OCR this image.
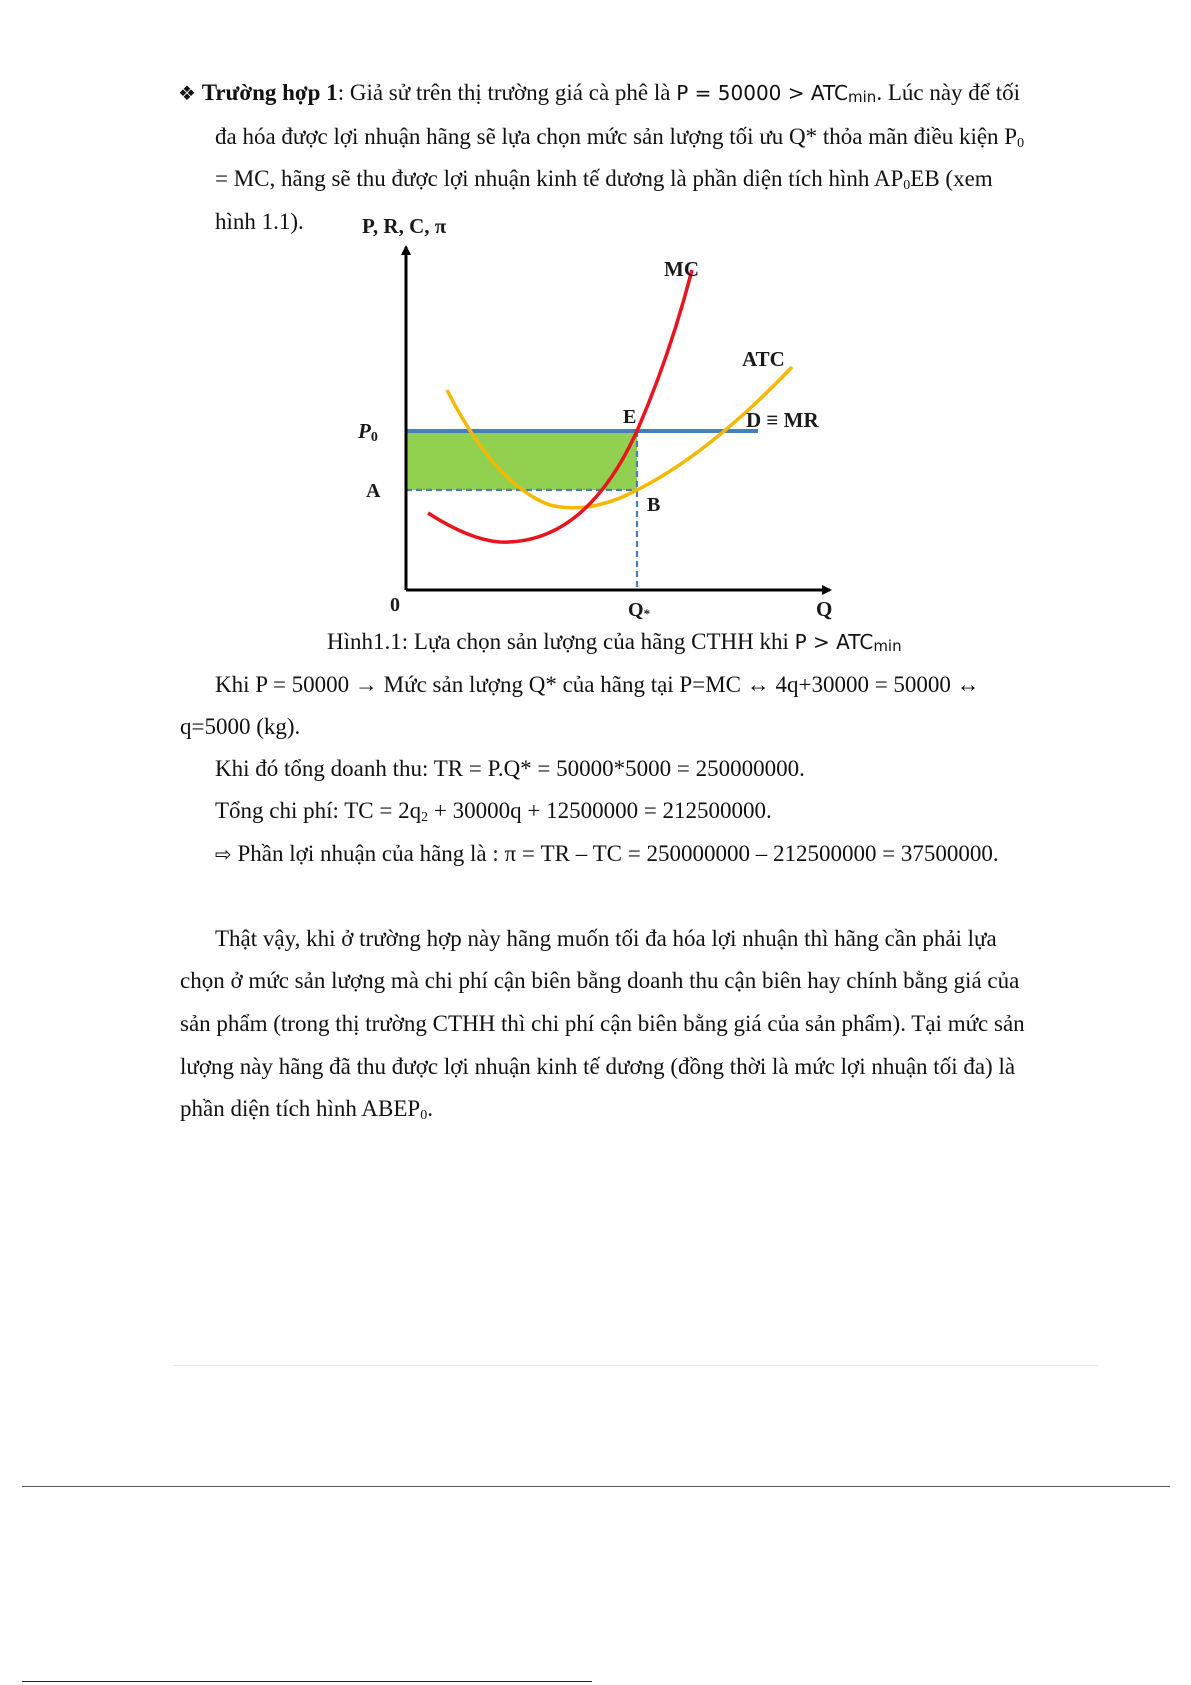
❖ Trường hợp 1: Giả sử trên thị trường giá cà phê là P = 50000 > ATCmin. Lúc này để tối
đa hóa được lợi nhuận hãng sẽ lựa chọn mức sản lượng tối ưu Q* thỏa mãn điều kiện P0
= MC, hãng sẽ thu được lợi nhuận kinh tế dương là phần diện tích hình AP0EB (xem
hình 1.1).	P, R, C, π
Q
0
MC
ATC
D ≡ MR
P0
A
E
B
Q*
Hình1.1: Lựa chọn sản lượng của hãng CTHH khi P > ATCmin
Khi P = 50000 → Mức sản lượng Q* của hãng tại P=MC ↔ 4q+30000 = 50000 ↔
q=5000 (kg).
Khi đó tổng doanh thu: TR = P.Q* = 50000*5000 = 250000000.
Tổng chi phí: TC = 2q2 + 30000q + 12500000 = 212500000.
⇨ Phần lợi nhuận của hãng là : π = TR – TC = 250000000 – 212500000 = 37500000.
Thật vậy, khi ở trường hợp này hãng muốn tối đa hóa lợi nhuận thì hãng cần phải lựa
chọn ở mức sản lượng mà chi phí cận biên bằng doanh thu cận biên hay chính bằng giá của
sản phẩm (trong thị trường CTHH thì chi phí cận biên bằng giá của sản phẩm). Tại mức sản
lượng này hãng đã thu được lợi nhuận kinh tế dương (đồng thời là mức lợi nhuận tối đa) là
phần diện tích hình ABEP0.
